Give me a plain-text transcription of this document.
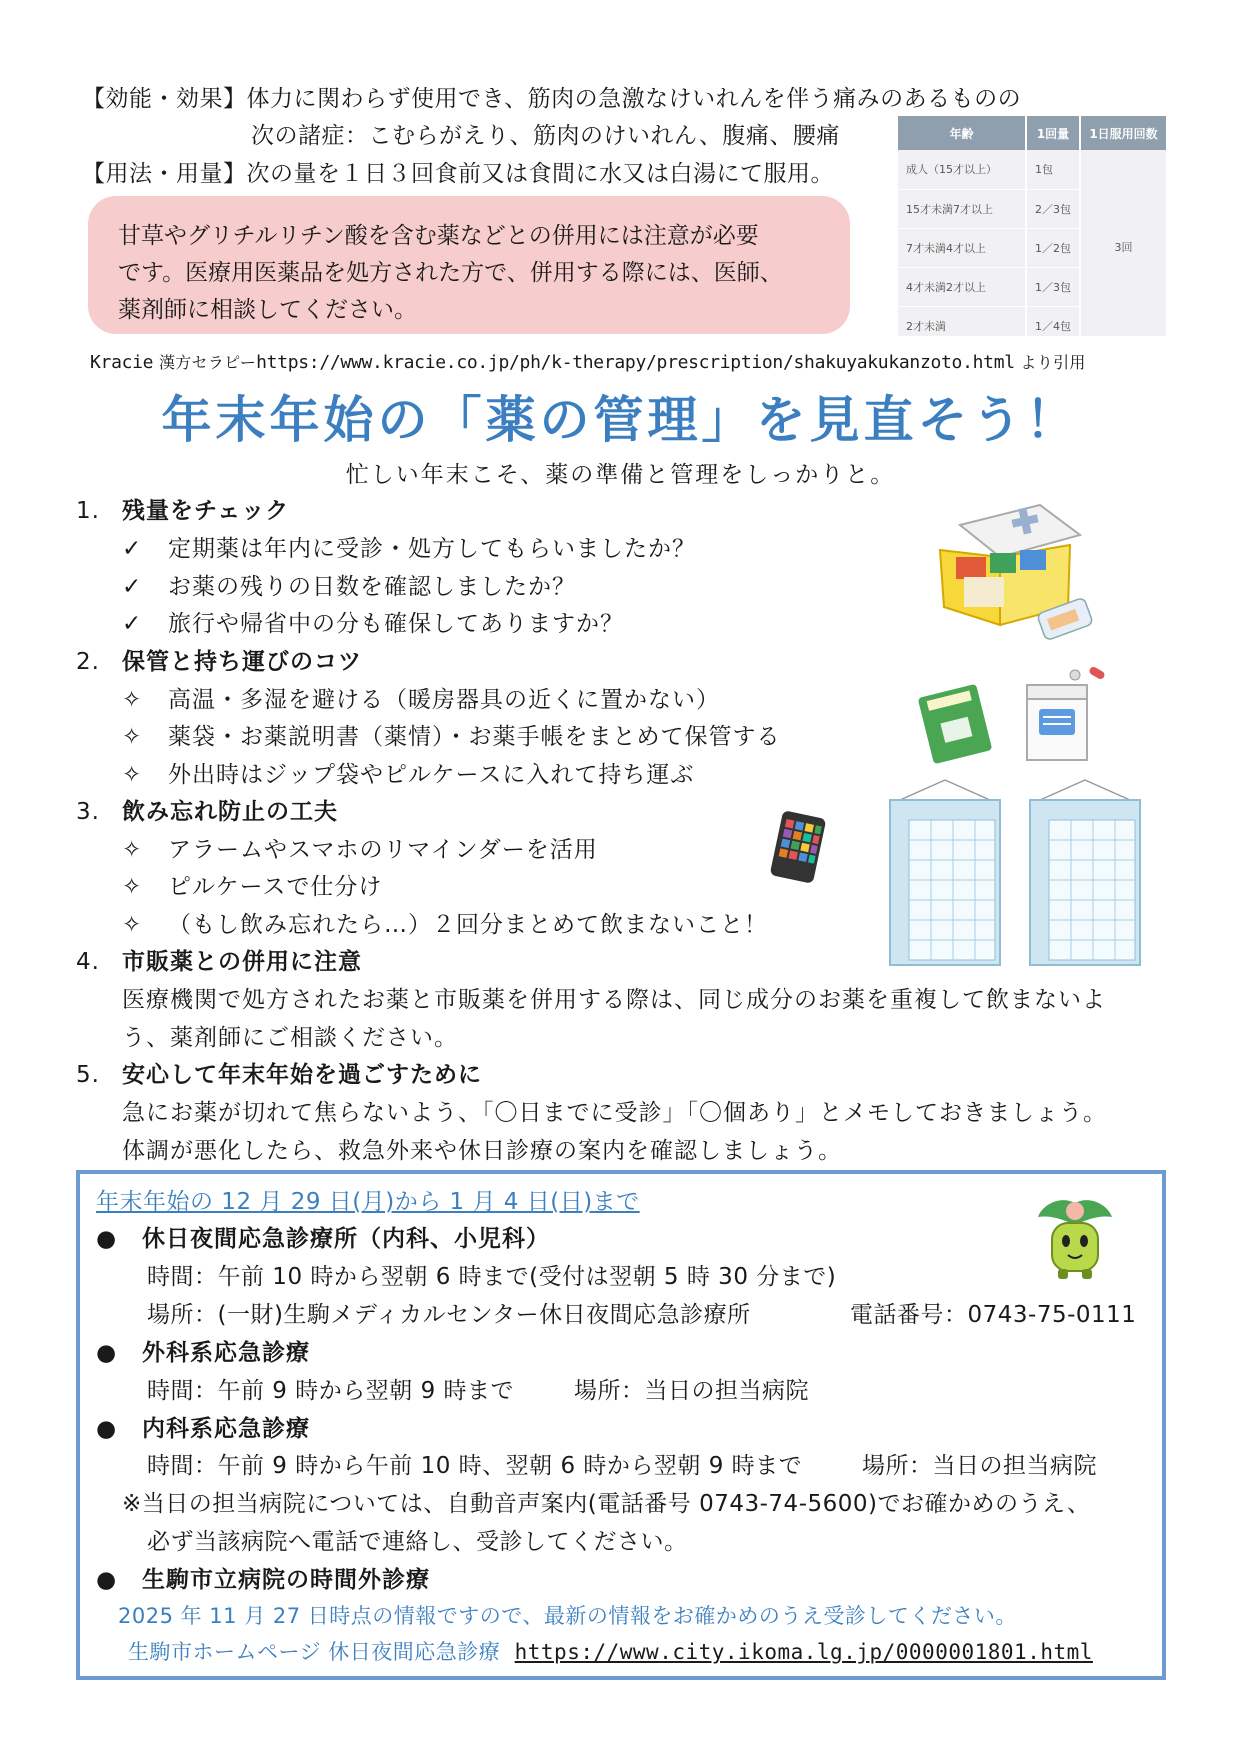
【効能・効果】体力に関わらず使用でき、筋肉の急激なけいれんを伴う痛みのあるものの
次の諸症：こむらがえり、筋肉のけいれん、腹痛、腰痛
【用法・用量】次の量を１日３回食前又は食間に水又は白湯にて服用。
甘草やグリチルリチン酸を含む薬などとの併用には注意が必要
です。医療用医薬品を処方された方で、併用する際には、医師、
薬剤師に相談してください。
年齢	1回量	1日服用回数
成人（15才以上）	1包	3回
15才未満7才以上	2／3包	
7才未満4才以上	1／2包	
4才未満2才以上	1／3包	
2才未満	1／4包	
Kracie 漢方セラピーhttps://www.kracie.co.jp/ph/k-therapy/prescription/shakuyakukanzoto.html より引用
年末年始の「薬の管理」を見直そう！
忙しい年末こそ、薬の準備と管理をしっかりと。
1. 残量をチェック
✓ 定期薬は年内に受診・処方してもらいましたか？
✓ お薬の残りの日数を確認しましたか？
✓ 旅行や帰省中の分も確保してありますか？
2. 保管と持ち運びのコツ
✧ 高温・多湿を避ける（暖房器具の近くに置かない）
✧ 薬袋・お薬説明書（薬情）・お薬手帳をまとめて保管する
✧ 外出時はジップ袋やピルケースに入れて持ち運ぶ
3. 飲み忘れ防止の工夫
✧ アラームやスマホのリマインダーを活用
✧ ピルケースで仕分け
✧ （もし飲み忘れたら…）２回分まとめて飲まないこと！
4. 市販薬との併用に注意
医療機関で処方されたお薬と市販薬を併用する際は、同じ成分のお薬を重複して飲まないよ
う、薬剤師にご相談ください。
5. 安心して年末年始を過ごすために
急にお薬が切れて焦らないよう、「〇日までに受診」「〇個あり」とメモしておきましょう。
体調が悪化したら、救急外来や休日診療の案内を確認しましょう。
年末年始の 12 月 29 日(月)から 1 月 4 日(日)まで
● 休日夜間応急診療所（内科、小児科）
時間：午前 10 時から翌朝 6 時まで(受付は翌朝 5 時 30 分まで)
場所：(一財)生駒メディカルセンター休日夜間応急診療所	電話番号：0743-75-0111
● 外科系応急診療
時間：午前 9 時から翌朝 9 時まで	場所：当日の担当病院
● 内科系応急診療
時間：午前 9 時から午前 10 時、翌朝 6 時から翌朝 9 時まで	場所：当日の担当病院
※当日の担当病院については、自動音声案内(電話番号 0743-74-5600)でお確かめのうえ、
必ず当該病院へ電話で連絡し、受診してください。
● 生駒市立病院の時間外診療
2025 年 11 月 27 日時点の情報ですので、最新の情報をお確かめのうえ受診してください。
生駒市ホームページ 休日夜間応急診療 https://www.city.ikoma.lg.jp/0000001801.html
